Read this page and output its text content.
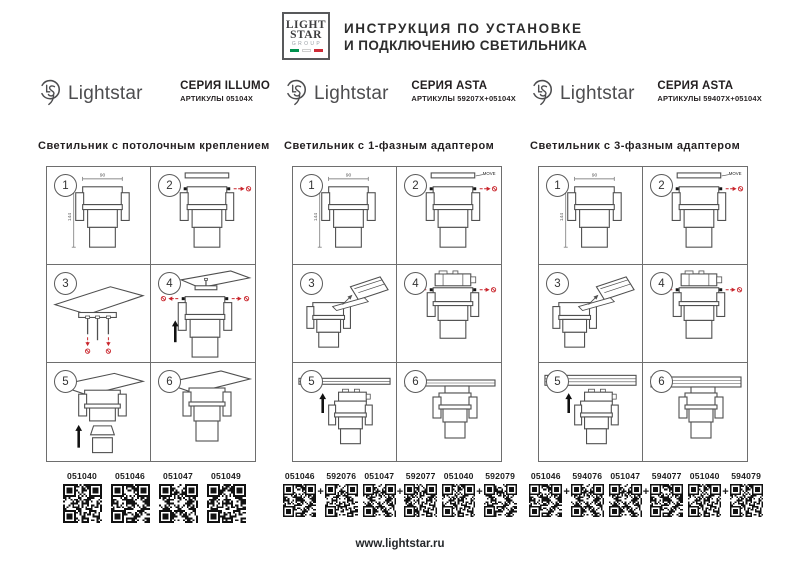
LIGHT
STAR
GROUP
ИНСТРУКЦИЯ ПО УСТАНОВКЕ
И ПОДКЛЮЧЕНИЮ СВЕТИЛЬНИКА
Lightstar	СЕРИЯ ILLUMO
АРТИКУЛЫ 05104X
Светильник с потолочным креплением
90
144
1	2
3	4
5	6
051040 051046 051047 051049
Lightstar СЕРИЯ ASTA
АРТИКУЛЫ 59207X+05104X
Светильник с 1-фазным адаптером
90
144
1
MOVE
2
3	4
5	6
051046
+
592076 051047
+
592077 051040
+
592079
Lightstar СЕРИЯ ASTA
АРТИКУЛЫ 59407X+05104X
Светильник с 3-фазным адаптером
90
144
1
MOVE
2
3	4
5	6
051046
+
594076 051047
+
594077 051040
+
594079
www.lightstar.ru
